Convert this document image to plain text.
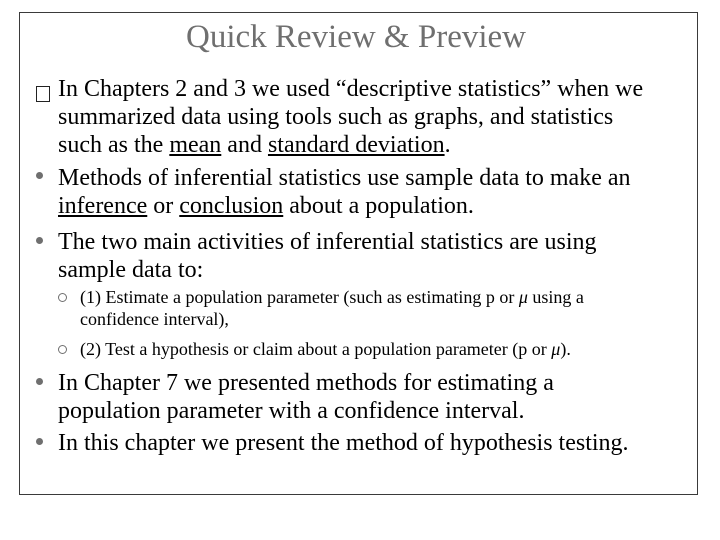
Quick Review & Preview
In Chapters 2 and 3 we used “descriptive statistics” when we
summarized data using tools such as graphs, and statistics
such as the mean and standard deviation.
Methods of inferential statistics use sample data to make an
inference or conclusion about a population.
The two main activities of inferential statistics are using
sample data to:
(1) Estimate a population parameter (such as estimating p or μ using a
confidence interval),
(2) Test a hypothesis or claim about a population parameter (p or μ).
In Chapter 7 we presented methods for estimating a
population parameter with a confidence interval.
In this chapter we present the method of hypothesis testing.
